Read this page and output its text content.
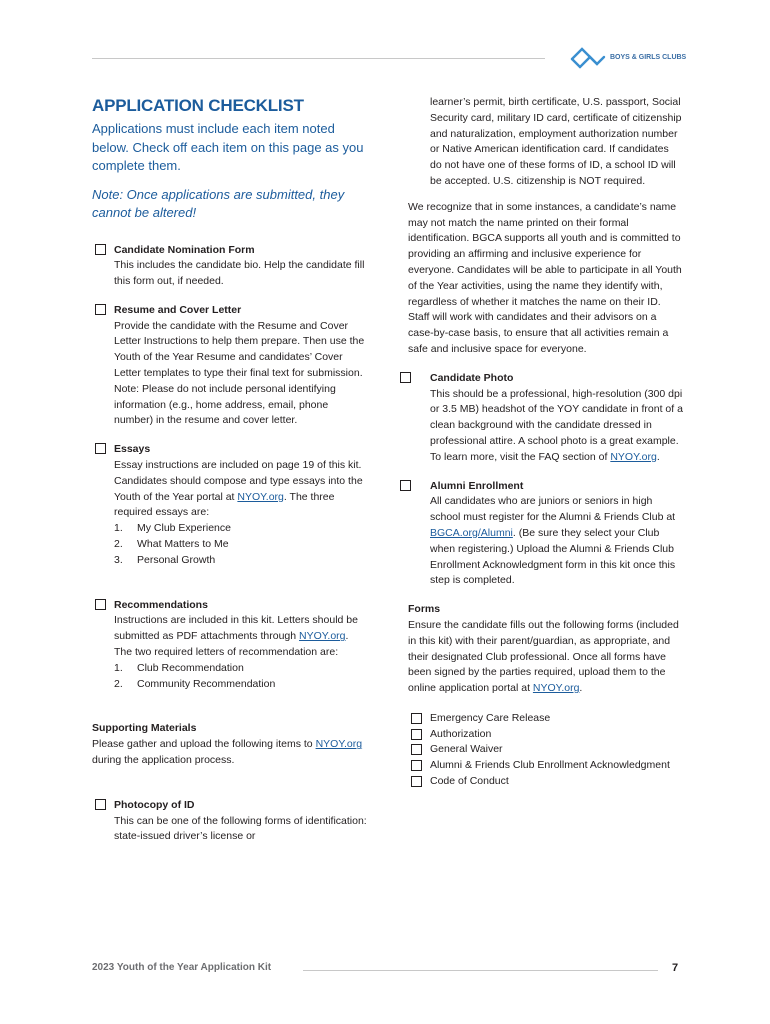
BOYS & GIRLS CLUBS
APPLICATION CHECKLIST

Applications must include each item noted below. Check off each item on this page as you complete them.

Note: Once applications are submitted, they cannot be altered!

Candidate Nomination Form
This includes the candidate bio. Help the candidate fill this form out, if needed.
Resume and Cover Letter
Provide the candidate with the Resume and Cover Letter Instructions to help them prepare. Then use the Youth of the Year Resume and candidates’ Cover Letter templates to type their final text for submission. Note: Please do not include personal identifying information (e.g., home address, email, phone number) in the resume and cover letter.
Essays
Essay instructions are included on page 19 of this kit. Candidates should compose and type essays into the Youth of the Year portal at NYOY.org. The three required essays are:
1. My Club Experience
2. What Matters to Me
3. Personal Growth
Recommendations
Instructions are included in this kit. Letters should be submitted as PDF attachments through NYOY.org. The two required letters of recommendation are:
1. Club Recommendation
2. Community Recommendation
Supporting Materials
Please gather and upload the following items to NYOY.org during the application process.
Photocopy of ID
This can be one of the following forms of identification: state-issued driver’s license or
learner’s permit, birth certificate, U.S. passport, Social Security card, military ID card, certificate of citizenship and naturalization, employment authorization number or Native American identification card. If candidates do not have one of these forms of ID, a school ID will be accepted. U.S. citizenship is NOT required.
We recognize that in some instances, a candidate’s name may not match the name printed on their formal identification. BGCA supports all youth and is committed to providing an affirming and inclusive experience for everyone. Candidates will be able to participate in all Youth of the Year activities, using the name they identify with, regardless of whether it matches the name on their ID. Staff will work with candidates and their advisors on a case-by-case basis, to ensure that all activities remain a safe and inclusive space for everyone.
Candidate Photo
This should be a professional, high-resolution (300 dpi or 3.5 MB) headshot of the YOY candidate in front of a clean background with the candidate dressed in professional attire. A school photo is a great example. To learn more, visit the FAQ section of NYOY.org.
Alumni Enrollment
All candidates who are juniors or seniors in high school must register for the Alumni & Friends Club at BGCA.org/Alumni. (Be sure they select your Club when registering.) Upload the Alumni & Friends Club Enrollment Acknowledgment form in this kit once this step is completed.
Forms
Ensure the candidate fills out the following forms (included in this kit) with their parent/guardian, as appropriate, and their designated Club professional. Once all forms have been signed by the parties required, upload them to the online application portal at NYOY.org.
Emergency Care Release
Authorization
General Waiver
Alumni & Friends Club Enrollment Acknowledgment
Code of Conduct
2023 Youth of the Year Application Kit	7
